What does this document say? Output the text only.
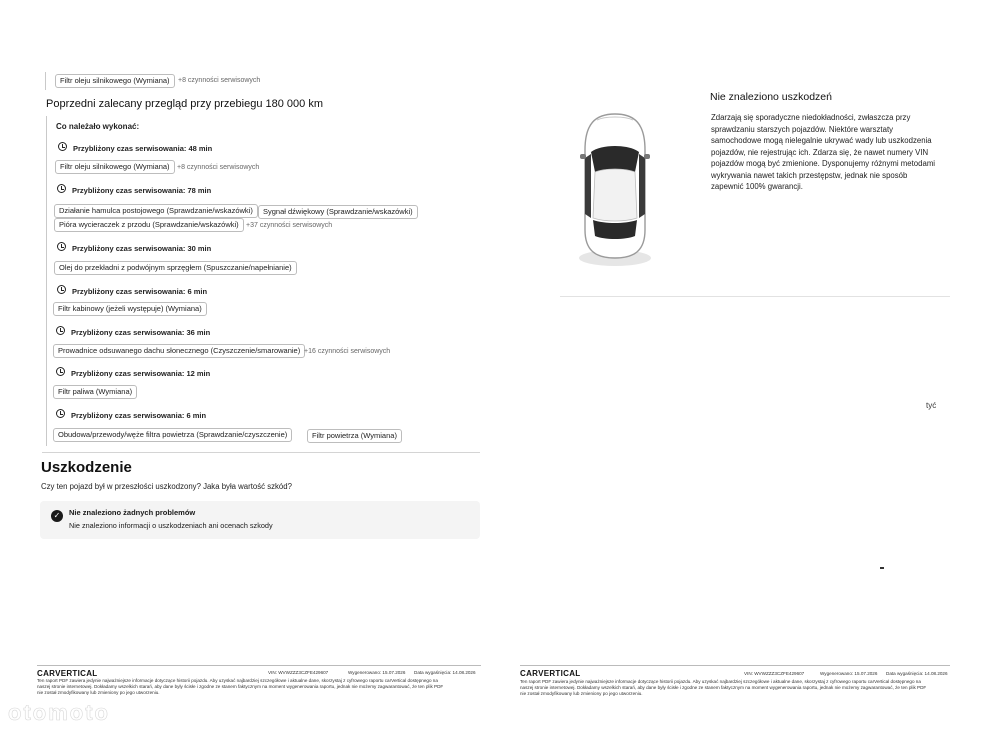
Filtr oleju silnikowego (Wymiana)	+8 czynności serwisowych
Poprzedni zalecany przegląd przy przebiegu 180 000 km
Co należało wykonać:
Przybliżony czas serwisowania: 48 min
Filtr oleju silnikowego (Wymiana)	+8 czynności serwisowych
Przybliżony czas serwisowania: 78 min
Działanie hamulca postojowego (Sprawdzanie/wskazówki)	Sygnał dźwiękowy (Sprawdzanie/wskazówki)
Pióra wycieraczek z przodu (Sprawdzanie/wskazówki)	+37 czynności serwisowych
Przybliżony czas serwisowania: 30 min
Olej do przekładni z podwójnym sprzęgłem (Spuszczanie/napełnianie)
Przybliżony czas serwisowania: 6 min
Filtr kabinowy (jeżeli występuje) (Wymiana)
Przybliżony czas serwisowania: 36 min
Prowadnice odsuwanego dachu słonecznego (Czyszczenie/smarowanie) +16 czynności serwisowych
Przybliżony czas serwisowania: 12 min
Filtr paliwa (Wymiana)
Przybliżony czas serwisowania: 6 min
Obudowa/przewody/węże filtra powietrza (Sprawdzanie/czyszczenie)	Filtr powietrza (Wymiana)
Uszkodzenie
Czy ten pojazd był w przeszłości uszkodzony? Jaka była wartość szkód?
✓	Nie znaleziono żadnych problemów
Nie znaleziono informacji o uszkodzeniach ani ocenach szkody
CARVERTICAL	VIN: WVWZZZ3CZFE429607	Wygenerowano: 15.07.2026 Data wygaśnięcia: 14.08.2026
Ten raport PDF zawiera jedynie najważniejsze informacje dotyczące historii pojazdu. Aby uzyskać najbardziej szczegółowe i aktualne dane, skorzystaj z cyfrowego raportu carVertical dostępnego na
naszej stronie internetowej. Dokładamy wszelkich starań, aby dane były ścisłe i zgodne ze stanem faktycznym na moment wygenerowania raportu, jednak nie możemy zagwarantować, że ten plik PDF
nie został zmodyfikowany lub zmieniony po jego utworzeniu.
Nie znaleziono uszkodzeń
Zdarzają się sporadyczne niedokładności, zwłaszcza przy sprawdzaniu starszych pojazdów. Niektóre warsztaty samochodowe mogą nielegalnie ukrywać wady lub uszkodzenia pojazdów, nie rejestrując ich. Zdarza się, że nawet numery VIN pojazdów mogą być zmienione. Dysponujemy różnymi metodami wykrywania nawet takich przestępstw, jednak nie sposób zapewnić 100% gwarancji.
tyć
CARVERTICAL	VIN: WVWZZZ3CZFE429607	Wygenerowano: 15.07.2026 Data wygaśnięcia: 14.08.2026
Ten raport PDF zawiera jedynie najważniejsze informacje dotyczące historii pojazdu. Aby uzyskać najbardziej szczegółowe i aktualne dane, skorzystaj z cyfrowego raportu carVertical dostępnego na
naszej stronie internetowej. Dokładamy wszelkich starań, aby dane były ścisłe i zgodne ze stanem faktycznym na moment wygenerowania raportu, jednak nie możemy zagwarantować, że ten plik PDF
nie został zmodyfikowany lub zmieniony po jego utworzeniu.
otomoto
